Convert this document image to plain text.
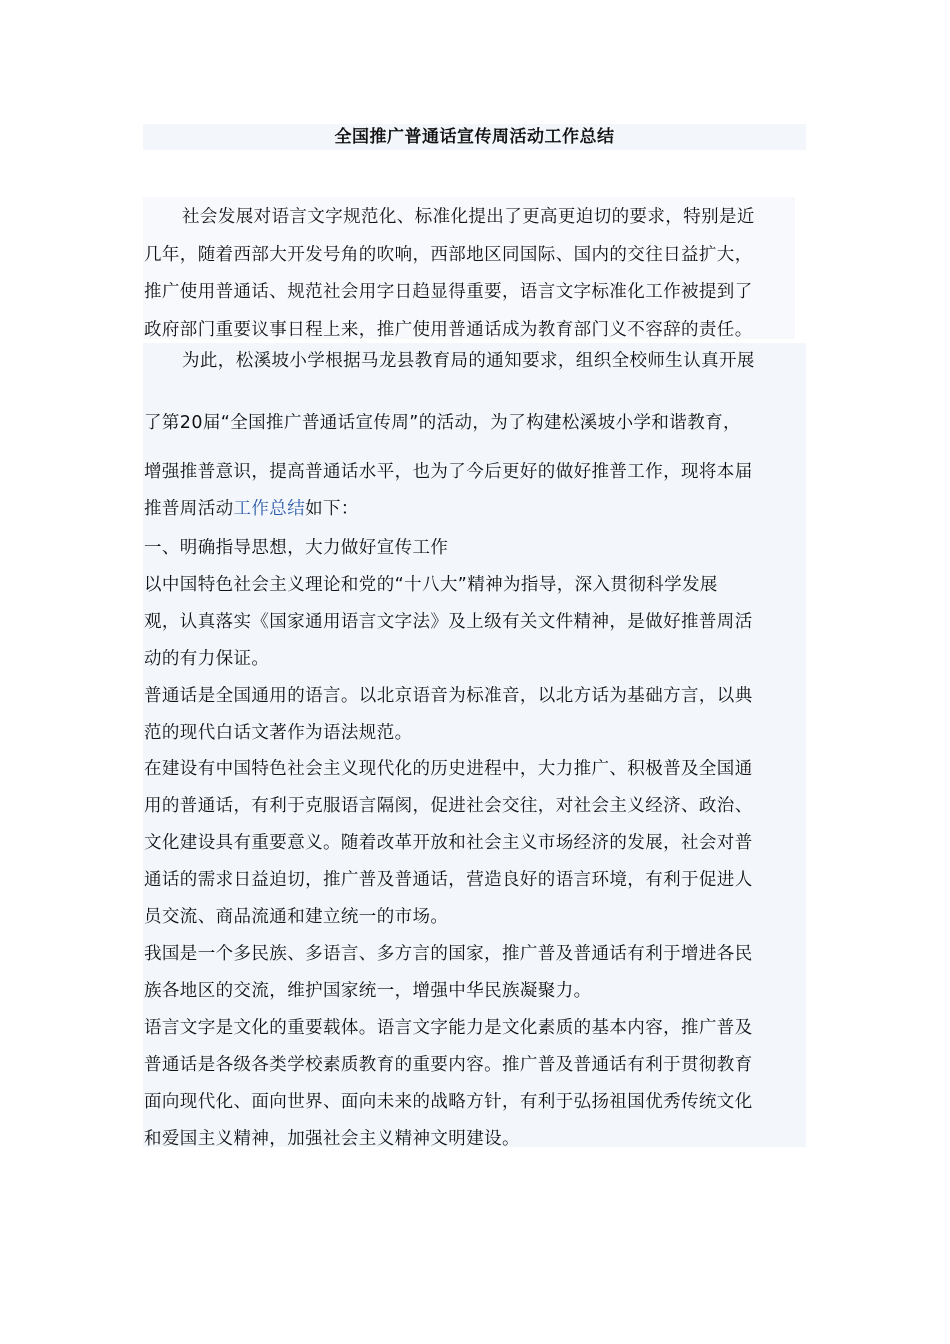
全国推广普通话宣传周活动工作总结
社会发展对语言文字规范化、标准化提出了更高更迫切的要求，特别是近
几年，随着西部大开发号角的吹响，西部地区同国际、国内的交往日益扩大，
推广使用普通话、规范社会用字日趋显得重要，语言文字标准化工作被提到了
政府部门重要议事日程上来，推广使用普通话成为教育部门义不容辞的责任。
为此，松溪坡小学根据马龙县教育局的通知要求，组织全校师生认真开展
了第20届“全国推广普通话宣传周”的活动，为了构建松溪坡小学和谐教育，
增强推普意识，提高普通话水平，也为了今后更好的做好推普工作，现将本届
推普周活动工作总结如下：

一、明确指导思想，大力做好宣传工作

以中国特色社会主义理论和党的“十八大”精神为指导，深入贯彻科学发展

观，认真落实《国家通用语言文字法》及上级有关文件精神，是做好推普周活

动的有力保证。

普通话是全国通用的语言。以北京语音为标准音，以北方话为基础方言，以典

范的现代白话文著作为语法规范。

在建设有中国特色社会主义现代化的历史进程中，大力推广、积极普及全国通

用的普通话，有利于克服语言隔阂，促进社会交往，对社会主义经济、政治、

文化建设具有重要意义。随着改革开放和社会主义市场经济的发展，社会对普

通话的需求日益迫切，推广普及普通话，营造良好的语言环境，有利于促进人

员交流、商品流通和建立统一的市场。

我国是一个多民族、多语言、多方言的国家，推广普及普通话有利于增进各民

族各地区的交流，维护国家统一，增强中华民族凝聚力。

语言文字是文化的重要载体。语言文字能力是文化素质的基本内容，推广普及

普通话是各级各类学校素质教育的重要内容。推广普及普通话有利于贯彻教育

面向现代化、面向世界、面向未来的战略方针，有利于弘扬祖国优秀传统文化

和爱国主义精神，加强社会主义精神文明建设。
